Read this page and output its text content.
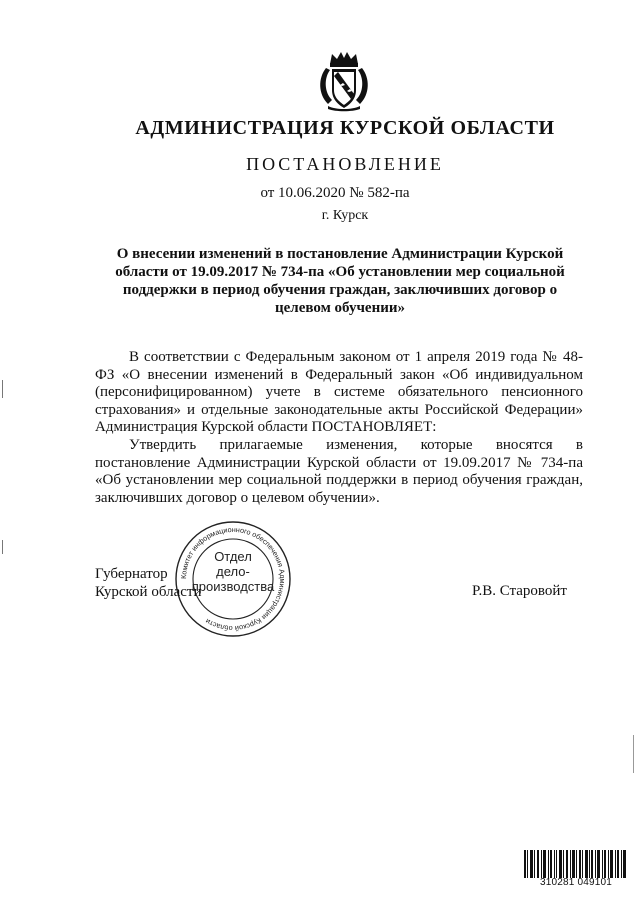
АДМИНИСТРАЦИЯ КУРСКОЙ ОБЛАСТИ
ПОСТАНОВЛЕНИЕ
от 10.06.2020 № 582-па
г. Курск
О внесении изменений в постановление Администрации Курской
области от 19.09.2017 № 734-па «Об установлении мер социальной
поддержки в период обучения граждан, заключивших договор о
целевом обучении»

В соответствии с Федеральным законом от 1 апреля 2019 года № 48-ФЗ «О внесении изменений в Федеральный закон «Об индивидуальном (персонифицированном) учете в системе обязательного пенсионного страхования» и отдельные законодательные акты Российской Федерации» Администрация Курской области ПОСТАНОВЛЯЕТ:

Утвердить прилагаемые изменения, которые вносятся в постановление Администрации Курской области от 19.09.2017 № 734-па «Об установлении мер социальной поддержки в период обучения граждан, заключивших договор о целевом обучении».

Комитет информационного обеспечения Администрации Курской области
Отдел
дело-
производства
Губернатор
Курской области	Р.В. Старовойт
310281 049101
